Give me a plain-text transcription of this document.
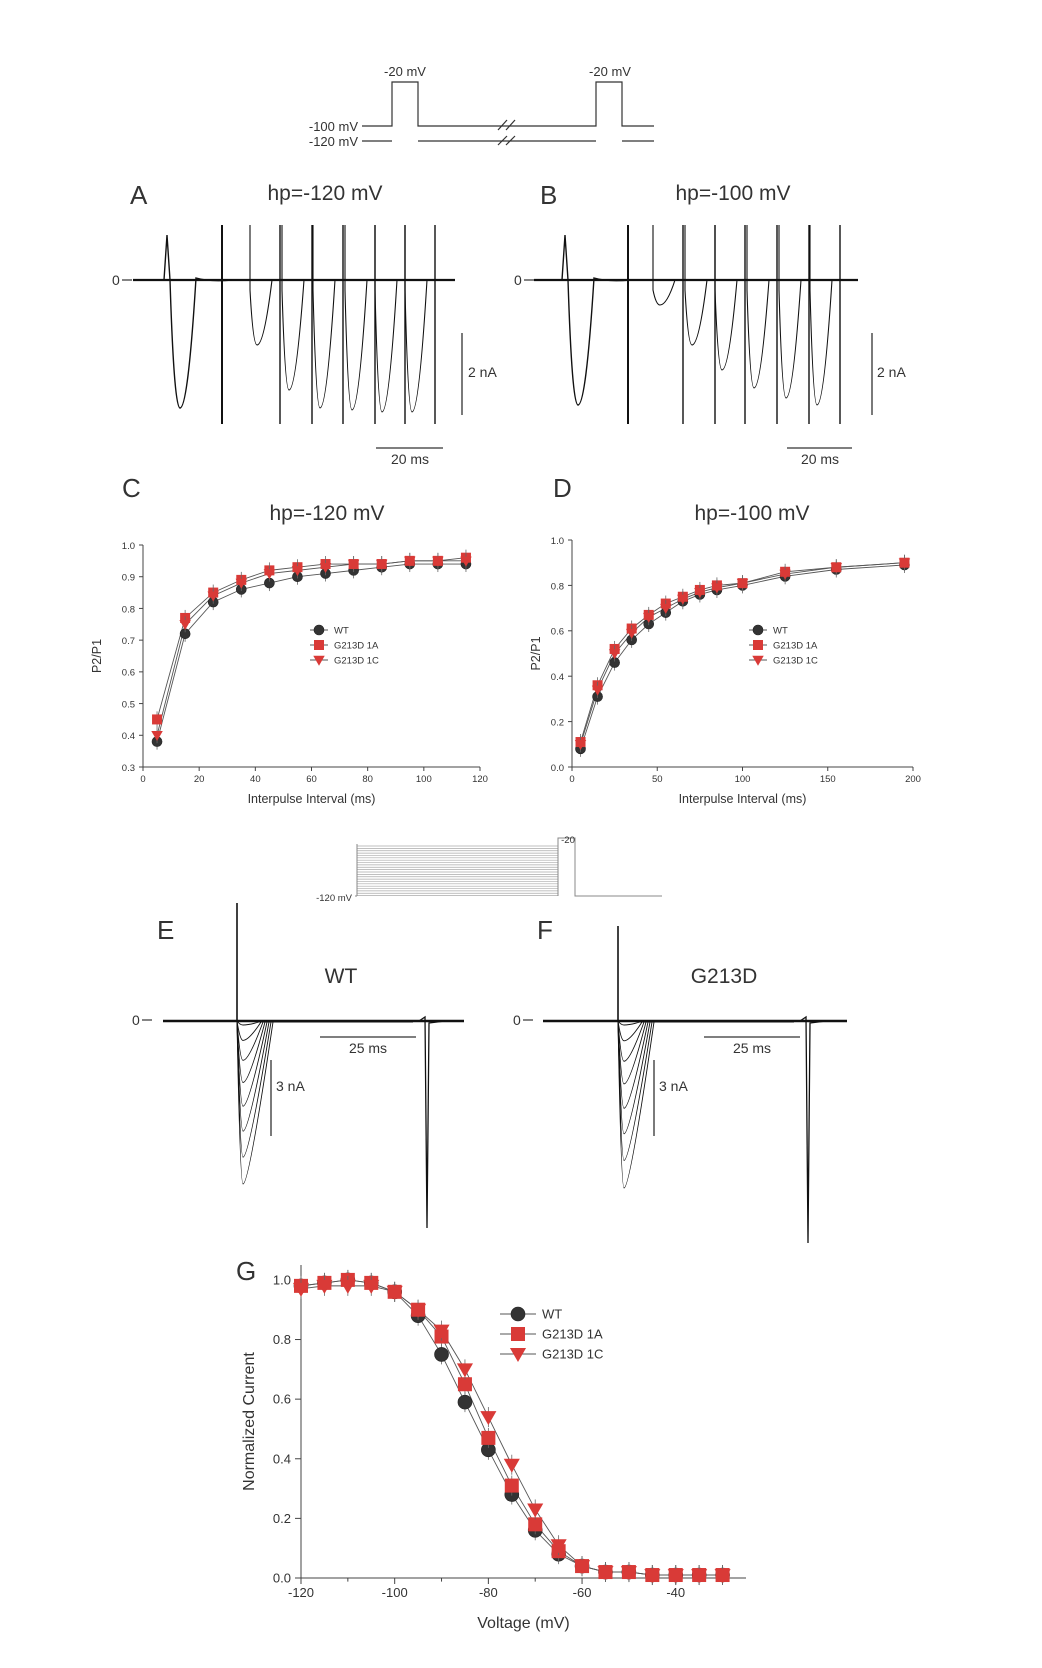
-20 mV	-20 mV
-100 mV
-120 mV
A	hp=-120 mV
0
2 nA
20 ms
B	hp=-100 mV
0
2 nA
20 ms
C
hp=-120 mV
0	20	40	60	80	100	120
0.3
0.4
0.5
0.6
0.7
0.8
0.9
1.0
Interpulse Interval (ms)
P2/P1
WT
G213D 1A
G213D 1C
D
hp=-100 mV
0	50	100	150	200
0.0
0.2
0.4
0.6
0.8
1.0
Interpulse Interval (ms)
P2/P1
WT
G213D 1A
G213D 1C
-120 mV
-20
E
WT
0
25 ms
3 nA
F
G213D
0
25 ms
3 nA
G
-120	-100	-80	-60	-40
0.0
0.2
0.4
0.6
0.8
1.0
Voltage (mV)
Normalized Current
WT
G213D 1A
G213D 1C
